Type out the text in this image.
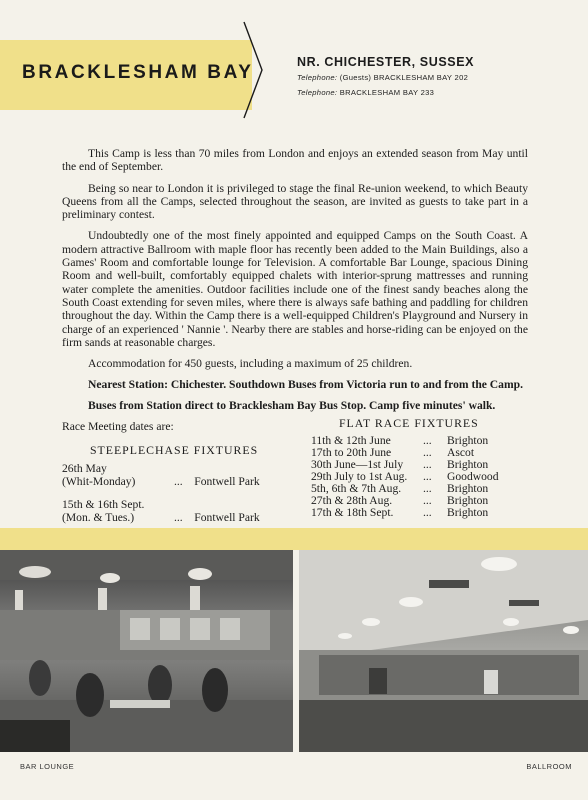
BRACKLESHAM BAY	NR. CHICHESTER, SUSSEX
Telephone: (Guests) BRACKLESHAM BAY 202
Telephone: BRACKLESHAM BAY 233

This Camp is less than 70 miles from London and enjoys an extended season from May until the end of September.

Being so near to London it is privileged to stage the final Re-union weekend, to which Beauty Queens from all the Camps, selected throughout the season, are invited as guests to take part in a preliminary contest.

Undoubtedly one of the most finely appointed and equipped Camps on the South Coast. A modern attractive Ballroom with maple floor has recently been added to the Main Buildings, also a Games' Room and comfortable lounge for Television. A comfortable Bar Lounge, spacious Dining Room and well-built, comfortably equipped chalets with interior-sprung mattresses and running water complete the amenities. Outdoor facilities include one of the finest sandy beaches along the South Coast extending for seven miles, where there is always safe bathing and paddling for children throughout the day. Within the Camp there is a well-equipped Children's Playground and Nursery in charge of an experienced ' Nannie '. Nearby there are stables and horse-riding can be enjoyed on the firm sands at reasonable charges.

Accommodation for 450 guests, including a maximum of 25 children.

Nearest Station: Chichester. Southdown Buses from Victoria run to and from the Camp.

Buses from Station direct to Bracklesham Bay Bus Stop. Camp five minutes' walk.

Race Meeting dates are:
STEEPLECHASE FIXTURES
26th May
(Whit-Monday)	... Fontwell Park
15th & 16th Sept.
(Mon. & Tues.)	... Fontwell Park
FLAT RACE FIXTURES
11th & 12th June	...	Brighton
17th to 20th June	...	Ascot
30th June—1st July	...	Brighton
29th July to 1st Aug.	...	Goodwood
5th, 6th & 7th Aug.	...	Brighton
27th & 28th Aug.	...	Brighton
17th & 18th Sept.	...	Brighton
BAR LOUNGE	BALLROOM
